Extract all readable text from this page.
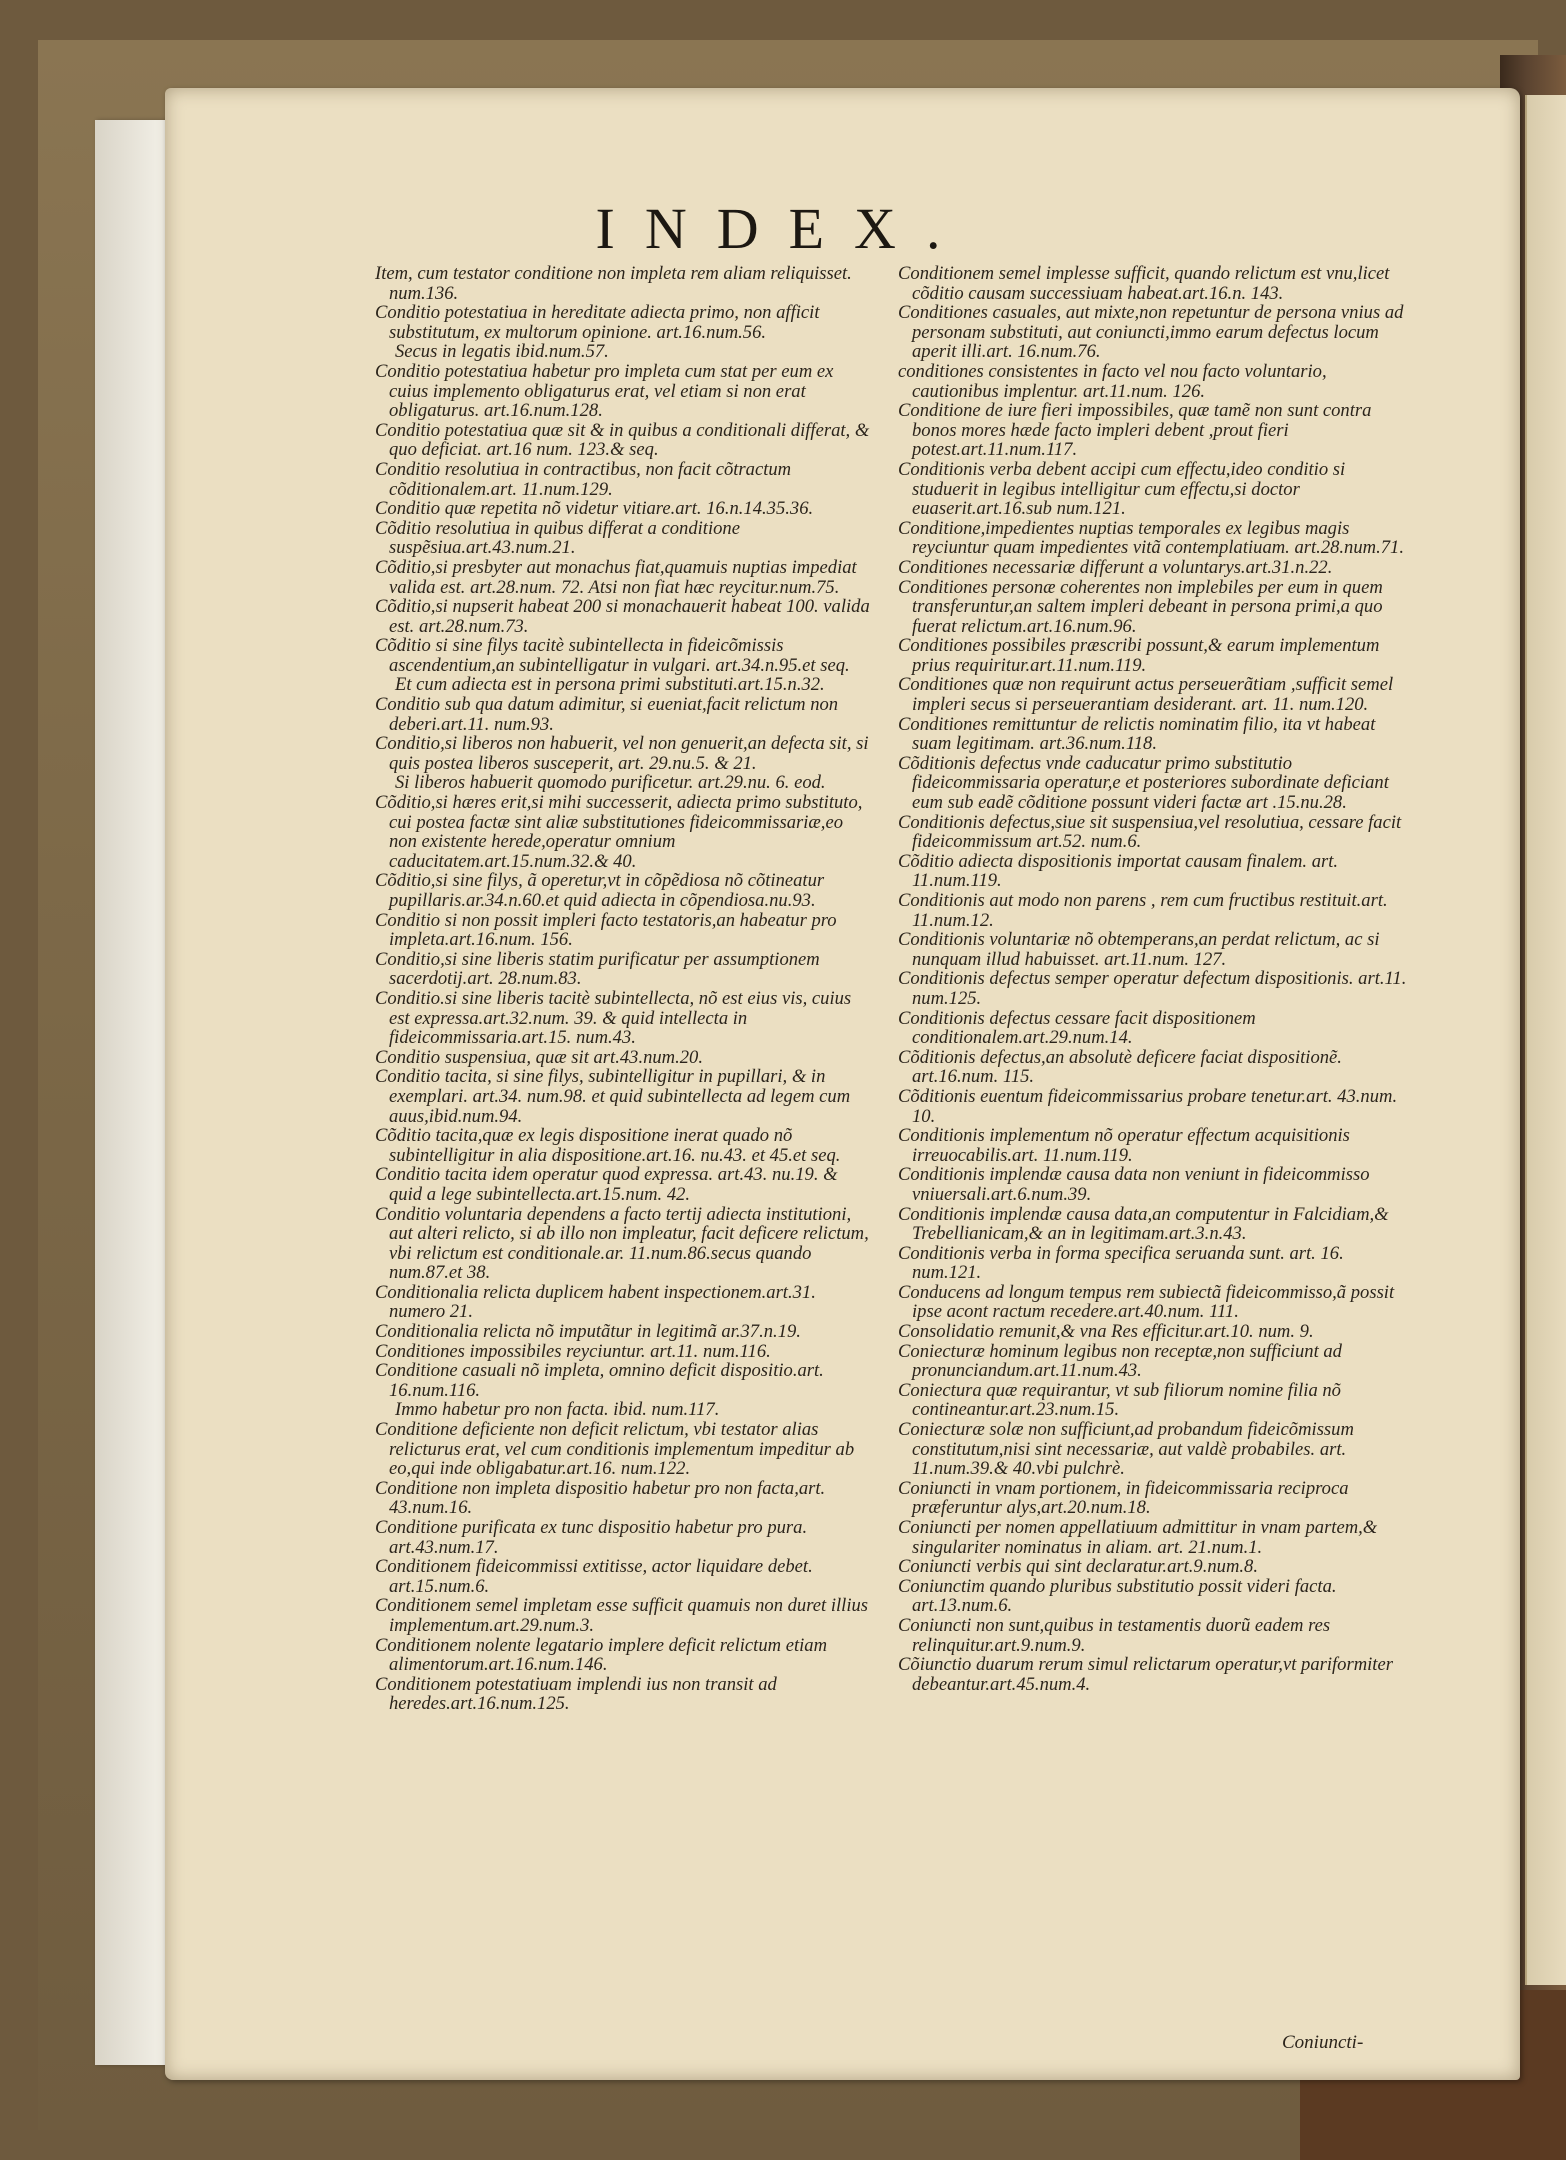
INDEX.

Item, cum testator conditione non impleta rem aliam reliquisset. num.136.

Conditio potestatiua in hereditate adiecta primo, non afficit substitutum, ex multorum opinione. art.16.num.56.

Secus in legatis ibid.num.57.

Conditio potestatiua habetur pro impleta cum stat per eum ex cuius implemento obligaturus erat, vel etiam si non erat obligaturus. art.16.num.128.

Conditio potestatiua quæ sit & in quibus a conditionali differat, & quo deficiat. art.16 num. 123.& seq.

Conditio resolutiua in contractibus, non facit cõtractum cõditionalem.art. 11.num.129.

Conditio quæ repetita nõ videtur vitiare.art. 16.n.14.35.36.

Cõditio resolutiua in quibus differat a conditione suspẽsiua.art.43.num.21.

Cõditio,si presbyter aut monachus fiat,quamuis nuptias impediat valida est. art.28.num. 72. Atsi non fiat hæc reycitur.num.75.

Cõditio,si nupserit habeat 200 si monachauerit habeat 100. valida est. art.28.num.73.

Cõditio si sine filys tacitè subintellecta in fideicõmissis ascendentium,an subintelligatur in vulgari. art.34.n.95.et seq.

Et cum adiecta est in persona primi substituti.art.15.n.32.

Conditio sub qua datum adimitur, si eueniat,facit relictum non deberi.art.11. num.93.

Conditio,si liberos non habuerit, vel non genuerit,an defecta sit, si quis postea liberos susceperit, art. 29.nu.5. & 21.

Si liberos habuerit quomodo purificetur. art.29.nu. 6. eod.

Cõditio,si hæres erit,si mihi successerit, adiecta primo substituto, cui postea factæ sint aliæ substitutiones fideicommissariæ,eo non existente herede,operatur omnium caducitatem.art.15.num.32.& 40.

Cõditio,si sine filys, ã operetur,vt in cõpẽdiosa nõ cõtineatur pupillaris.ar.34.n.60.et quid adiecta in cõpendiosa.nu.93.

Conditio si non possit impleri facto testatoris,an habeatur pro impleta.art.16.num. 156.

Conditio,si sine liberis statim purificatur per assumptionem sacerdotij.art. 28.num.83.

Conditio.si sine liberis tacitè subintellecta, nõ est eius vis, cuius est expressa.art.32.num. 39. & quid intellecta in fideicommissaria.art.15. num.43.

Conditio suspensiua, quæ sit art.43.num.20.

Conditio tacita, si sine filys, subintelligitur in pupillari, & in exemplari. art.34. num.98. et quid subintellecta ad legem cum auus,ibid.num.94.

Cõditio tacita,quæ ex legis dispositione inerat quado nõ subintelligitur in alia dispositione.art.16. nu.43. et 45.et seq.

Conditio tacita idem operatur quod expressa. art.43. nu.19. & quid a lege subintellecta.art.15.num. 42.

Conditio voluntaria dependens a facto tertij adiecta institutioni, aut alteri relicto, si ab illo non impleatur, facit deficere relictum, vbi relictum est conditionale.ar. 11.num.86.secus quando num.87.et 38.

Conditionalia relicta duplicem habent inspectionem.art.31. numero 21.

Conditionalia relicta nõ imputãtur in legitimã ar.37.n.19.

Conditiones impossibiles reyciuntur. art.11. num.116.

Conditione casuali nõ impleta, omnino deficit dispositio.art. 16.num.116.

Immo habetur pro non facta. ibid. num.117.

Conditione deficiente non deficit relictum, vbi testator alias relicturus erat, vel cum conditionis implementum impeditur ab eo,qui inde obligabatur.art.16. num.122.

Conditione non impleta dispositio habetur pro non facta,art. 43.num.16.

Conditione purificata ex tunc dispositio habetur pro pura. art.43.num.17.

Conditionem fideicommissi extitisse, actor liquidare debet. art.15.num.6.

Conditionem semel impletam esse sufficit quamuis non duret illius implementum.art.29.num.3.

Conditionem nolente legatario implere deficit relictum etiam alimentorum.art.16.num.146.

Conditionem potestatiuam implendi ius non transit ad heredes.art.16.num.125.

Conditionem semel implesse sufficit, quando relictum est vnu,licet cõditio causam successiuam habeat.art.16.n. 143.

Conditiones casuales, aut mixte,non repetuntur de persona vnius ad personam substituti, aut coniuncti,immo earum defectus locum aperit illi.art. 16.num.76.

conditiones consistentes in facto vel nou facto voluntario, cautionibus implentur. art.11.num. 126.

Conditione de iure fieri impossibiles, quæ tamẽ non sunt contra bonos mores hæde facto impleri debent ,prout fieri potest.art.11.num.117.

Conditionis verba debent accipi cum effectu,ideo conditio si studuerit in legibus intelligitur cum effectu,si doctor euaserit.art.16.sub num.121.

Conditione,impedientes nuptias temporales ex legibus magis reyciuntur quam impedientes vitã contemplatiuam. art.28.num.71.

Conditiones necessariæ differunt a voluntarys.art.31.n.22.

Conditiones personæ coherentes non implebiles per eum in quem transferuntur,an saltem impleri debeant in persona primi,a quo fuerat relictum.art.16.num.96.

Conditiones possibiles præscribi possunt,& earum implementum prius requiritur.art.11.num.119.

Conditiones quæ non requirunt actus perseuerãtiam ,sufficit semel impleri secus si perseuerantiam desiderant. art. 11. num.120.

Conditiones remittuntur de relictis nominatim filio, ita vt habeat suam legitimam. art.36.num.118.

Cõditionis defectus vnde caducatur primo substitutio fideicommissaria operatur,e et posteriores subordinate deficiant eum sub eadẽ cõditione possunt videri factæ art .15.nu.28.

Conditionis defectus,siue sit suspensiua,vel resolutiua, cessare facit fideicommissum art.52. num.6.

Cõditio adiecta dispositionis importat causam finalem. art. 11.num.119.

Conditionis aut modo non parens , rem cum fructibus restituit.art. 11.num.12.

Conditionis voluntariæ nõ obtemperans,an perdat relictum, ac si nunquam illud habuisset. art.11.num. 127.

Conditionis defectus semper operatur defectum dispositionis. art.11. num.125.

Conditionis defectus cessare facit dispositionem conditionalem.art.29.num.14.

Cõditionis defectus,an absolutè deficere faciat dispositionẽ. art.16.num. 115.

Cõditionis euentum fideicommissarius probare tenetur.art. 43.num. 10.

Conditionis implementum nõ operatur effectum acquisitionis irreuocabilis.art. 11.num.119.

Conditionis implendæ causa data non veniunt in fideicommisso vniuersali.art.6.num.39.

Conditionis implendæ causa data,an computentur in Falcidiam,& Trebellianicam,& an in legitimam.art.3.n.43.

Conditionis verba in forma specifica seruanda sunt. art. 16. num.121.

Conducens ad longum tempus rem subiectã fideicommisso,ã possit ipse acont ractum recedere.art.40.num. 111.

Consolidatio remunit,& vna Res efficitur.art.10. num. 9.

Coniecturæ hominum legibus non receptæ,non sufficiunt ad pronunciandum.art.11.num.43.

Coniectura quæ requirantur, vt sub filiorum nomine filia nõ contineantur.art.23.num.15.

Coniecturæ solæ non sufficiunt,ad probandum fideicõmissum constitutum,nisi sint necessariæ, aut valdè probabiles. art. 11.num.39.& 40.vbi pulchrè.

Coniuncti in vnam portionem, in fideicommissaria reciproca præferuntur alys,art.20.num.18.

Coniuncti per nomen appellatiuum admittitur in vnam partem,& singulariter nominatus in aliam. art. 21.num.1.

Coniuncti verbis qui sint declaratur.art.9.num.8.

Coniunctim quando pluribus substitutio possit videri facta. art.13.num.6.

Coniuncti non sunt,quibus in testamentis duorũ eadem res relinquitur.art.9.num.9.

Cõiunctio duarum rerum simul relictarum operatur,vt pariformiter debeantur.art.45.num.4.

Coniuncti-
